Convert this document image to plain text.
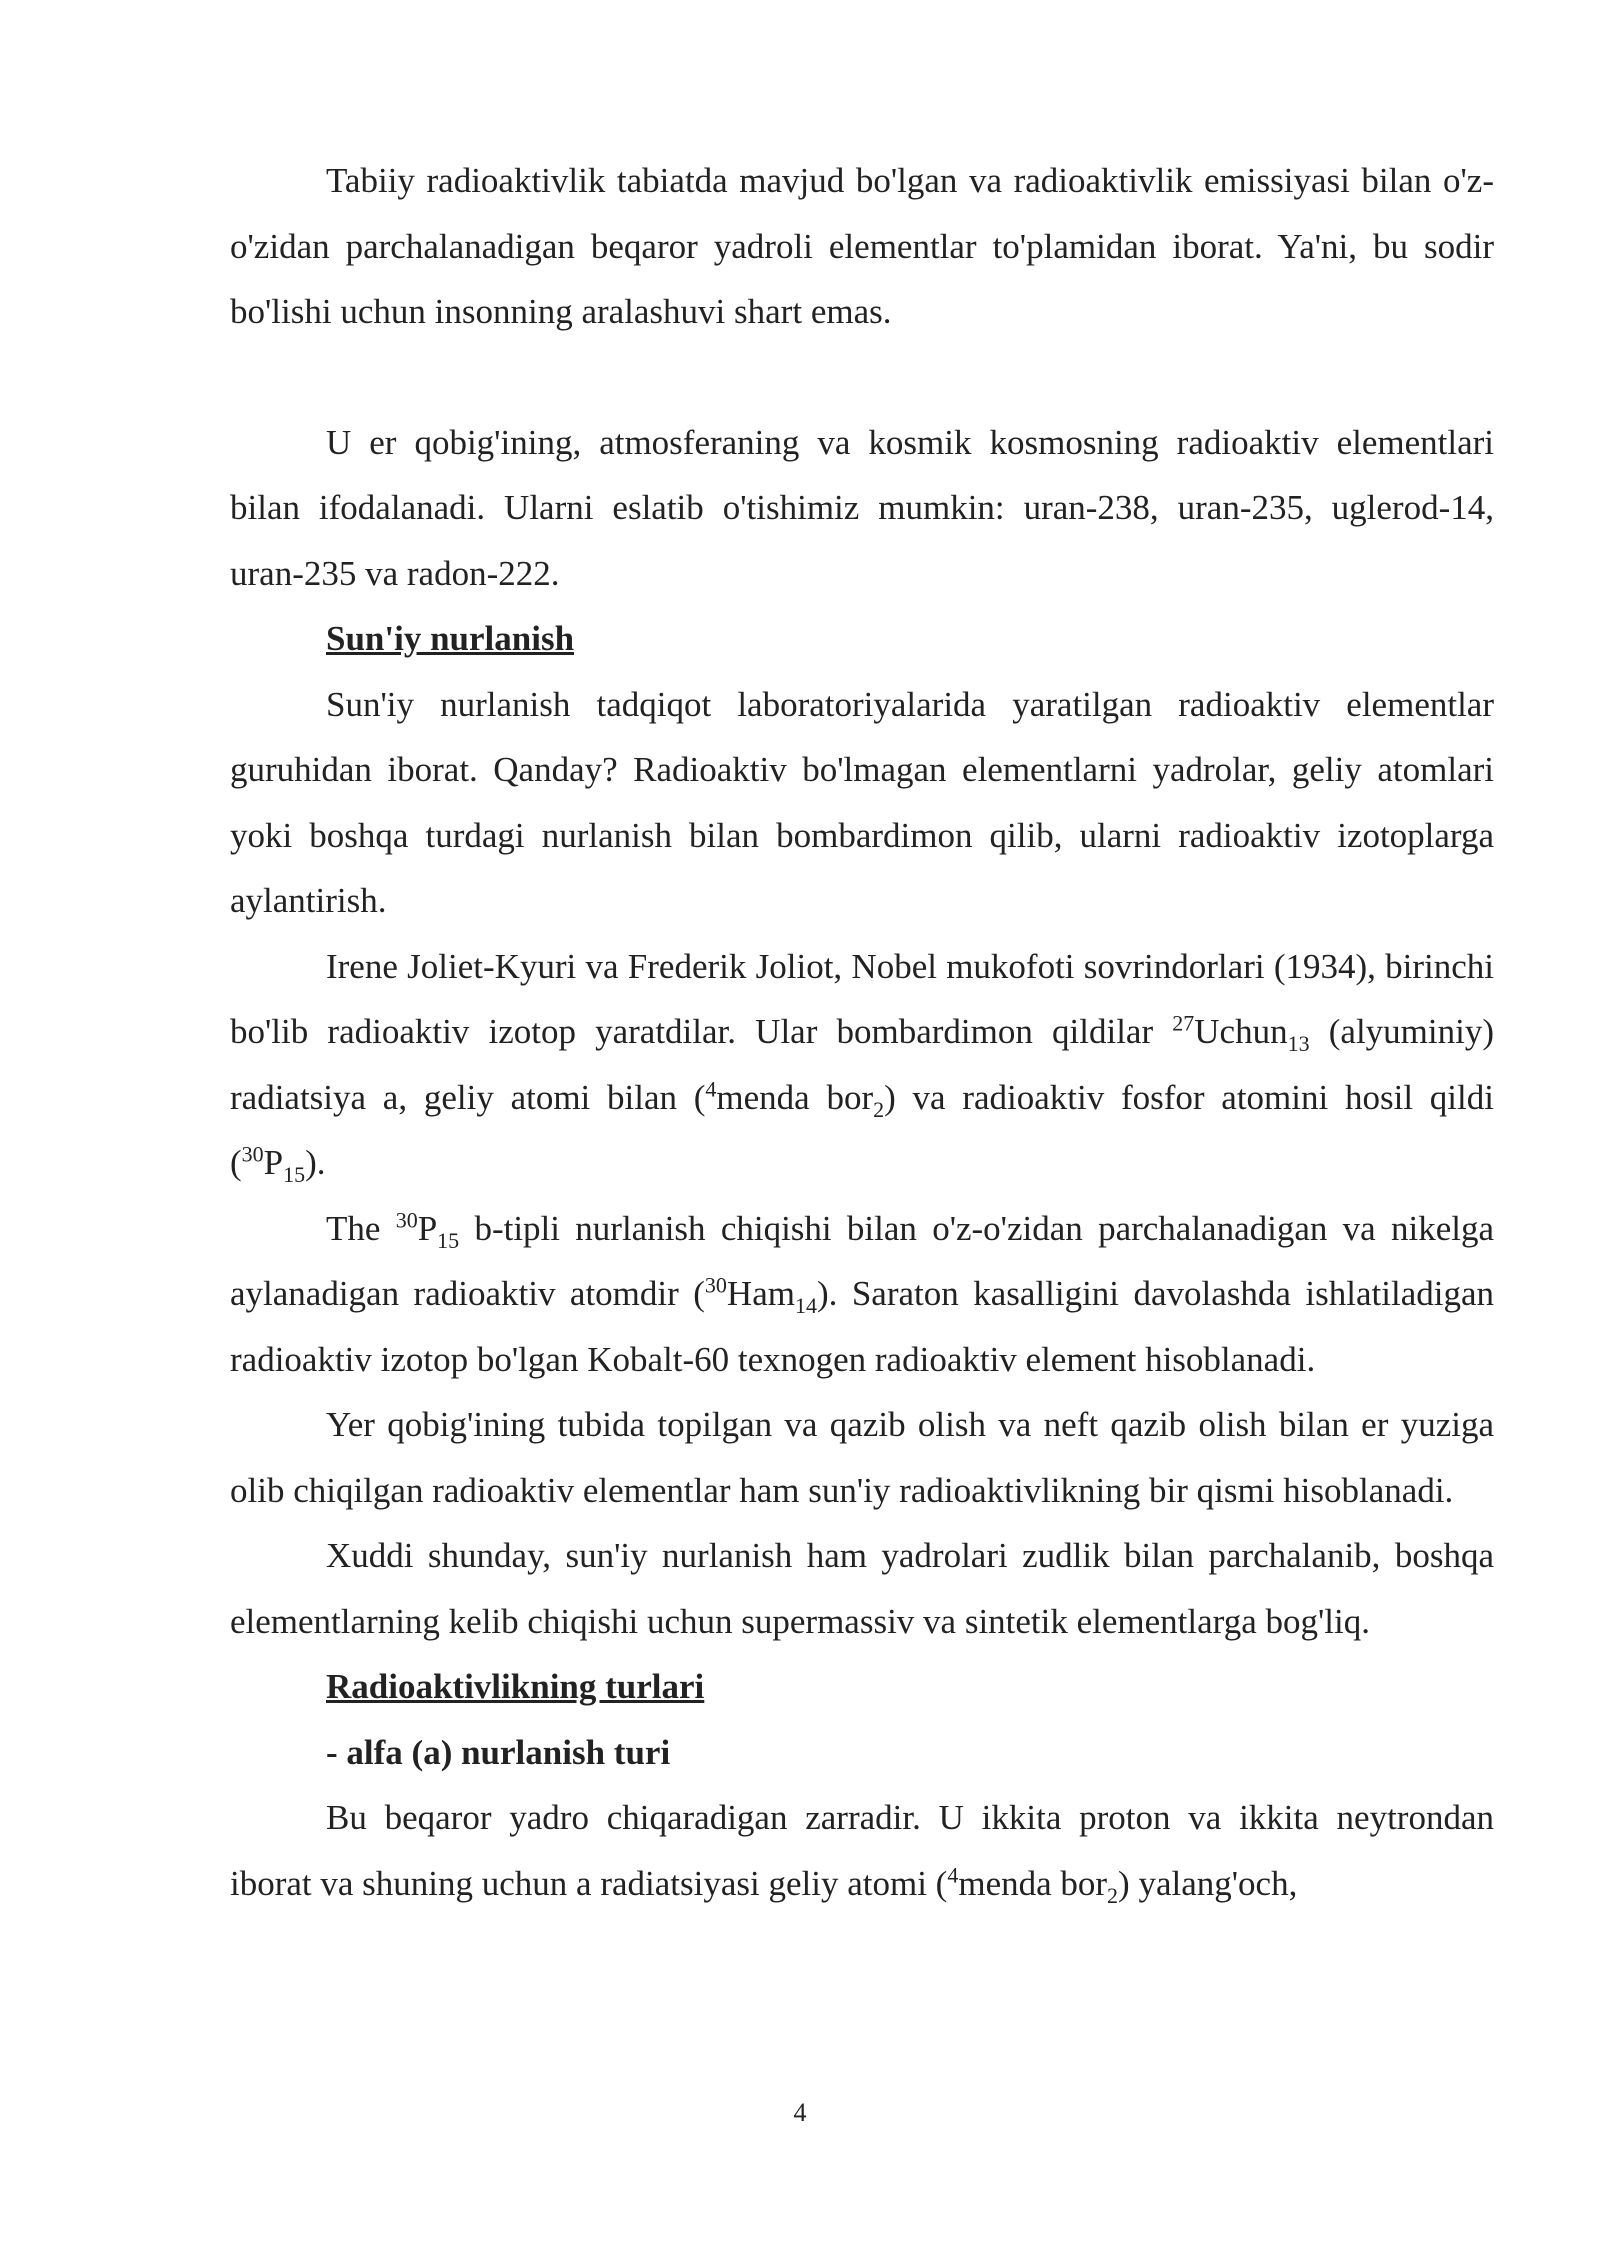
Tabiiy radioaktivlik tabiatda mavjud bo'lgan va radioaktivlik emissiyasi bilan o'z-o'zidan parchalanadigan beqaror yadroli elementlar to'plamidan iborat. Ya'ni, bu sodir bo'lishi uchun insonning aralashuvi shart emas.

U er qobig'ining, atmosferaning va kosmik kosmosning radioaktiv elementlari bilan ifodalanadi. Ularni eslatib o'tishimiz mumkin: uran-238, uran-235, uglerod-14, uran-235 va radon-222.

Sun'iy nurlanish

Sun'iy nurlanish tadqiqot laboratoriyalarida yaratilgan radioaktiv elementlar guruhidan iborat. Qanday? Radioaktiv bo'lmagan elementlarni yadrolar, geliy atomlari yoki boshqa turdagi nurlanish bilan bombardimon qilib, ularni radioaktiv izotoplarga aylantirish.

Irene Joliet-Kyuri va Frederik Joliot, Nobel mukofoti sovrindorlari (1934), birinchi bo'lib radioaktiv izotop yaratdilar. Ular bombardimon qildilar $^{27}$Uchun$_{13}$ (alyuminiy) radiatsiya a, geliy atomi bilan ($^4$menda bor$_2$) va radioaktiv fosfor atomini hosil qildi $(^{30}P_{15})$.

The $^{30}P_{15}$ b-tipli nurlanish chiqishi bilan o'z-o'zidan parchalanadigan va nikelga aylanadigan radioaktiv atomdir ($^{30}$Ham$_{14}$). Saraton kasalligini davolashda ishlatiladigan radioaktiv izotop bo'lgan Kobalt-60 texnogen radioaktiv element hisoblanadi.

Yer qobig'ining tubida topilgan va qazib olish va neft qazib olish bilan er yuziga olib chiqilgan radioaktiv elementlar ham sun'iy radioaktivlikning bir qismi hisoblanadi.

Xuddi shunday, sun'iy nurlanish ham yadrolari zudlik bilan parchalanib, boshqa elementlarning kelib chiqishi uchun supermassiv va sintetik elementlarga bog'liq.

Radioaktivlikning turlari

- alfa (a) nurlanish turi

Bu beqaror yadro chiqaradigan zarradir. U ikkita proton va ikkita neytrondan iborat va shuning uchun a radiatsiyasi geliy atomi ($^4$menda bor$_2$) yalang'och,

4
